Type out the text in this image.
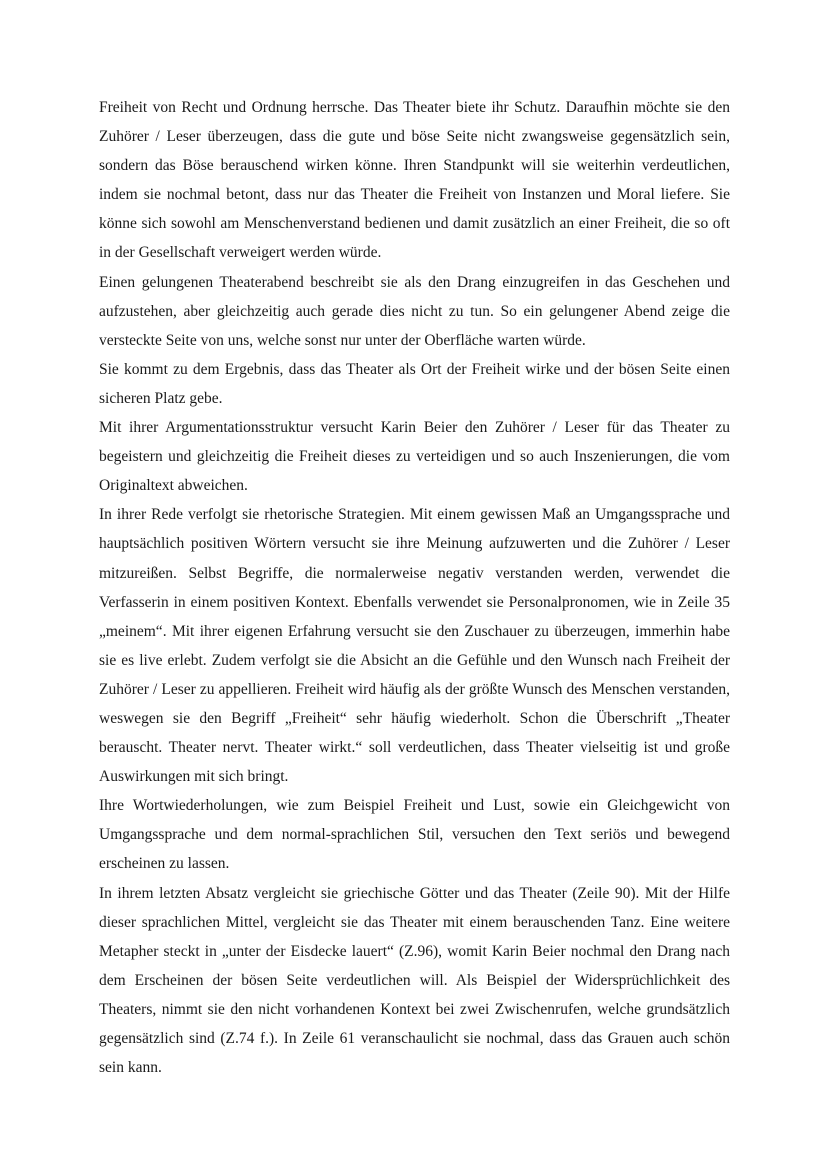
Freiheit von Recht und Ordnung herrsche. Das Theater biete ihr Schutz. Daraufhin möchte sie den Zuhörer / Leser überzeugen, dass die gute und böse Seite nicht zwangsweise gegensätzlich sein, sondern das Böse berauschend wirken könne. Ihren Standpunkt will sie weiterhin verdeutlichen, indem sie nochmal betont, dass nur das Theater die Freiheit von Instanzen und Moral liefere. Sie könne sich sowohl am Menschenverstand bedienen und damit zusätzlich an einer Freiheit, die so oft in der Gesellschaft verweigert werden würde.

Einen gelungenen Theaterabend beschreibt sie als den Drang einzugreifen in das Geschehen und aufzustehen, aber gleichzeitig auch gerade dies nicht zu tun. So ein gelungener Abend zeige die versteckte Seite von uns, welche sonst nur unter der Oberfläche warten würde.

Sie kommt zu dem Ergebnis, dass das Theater als Ort der Freiheit wirke und der bösen Seite einen sicheren Platz gebe.

Mit ihrer Argumentationsstruktur versucht Karin Beier den Zuhörer / Leser für das Theater zu begeistern und gleichzeitig die Freiheit dieses zu verteidigen und so auch Inszenierungen, die vom Originaltext abweichen.

In ihrer Rede verfolgt sie rhetorische Strategien. Mit einem gewissen Maß an Umgangssprache und hauptsächlich positiven Wörtern versucht sie ihre Meinung aufzuwerten und die Zuhörer / Leser mitzureißen. Selbst Begriffe, die normalerweise negativ verstanden werden, verwendet die Verfasserin in einem positiven Kontext. Ebenfalls verwendet sie Personalpronomen, wie in Zeile 35 „meinem“. Mit ihrer eigenen Erfahrung versucht sie den Zuschauer zu überzeugen, immerhin habe sie es live erlebt. Zudem verfolgt sie die Absicht an die Gefühle und den Wunsch nach Freiheit der Zuhörer / Leser zu appellieren. Freiheit wird häufig als der größte Wunsch des Menschen verstanden, weswegen sie den Begriff „Freiheit“ sehr häufig wiederholt. Schon die Überschrift „Theater berauscht. Theater nervt. Theater wirkt.“ soll verdeutlichen, dass Theater vielseitig ist und große Auswirkungen mit sich bringt.

Ihre Wortwiederholungen, wie zum Beispiel Freiheit und Lust, sowie ein Gleichgewicht von Umgangssprache und dem normal-sprachlichen Stil, versuchen den Text seriös und bewegend erscheinen zu lassen.

In ihrem letzten Absatz vergleicht sie griechische Götter und das Theater (Zeile 90). Mit der Hilfe dieser sprachlichen Mittel, vergleicht sie das Theater mit einem berauschenden Tanz. Eine weitere Metapher steckt in „unter der Eisdecke lauert“ (Z.96), womit Karin Beier nochmal den Drang nach dem Erscheinen der bösen Seite verdeutlichen will. Als Beispiel der Widersprüchlichkeit des Theaters, nimmt sie den nicht vorhandenen Kontext bei zwei Zwischenrufen, welche grundsätzlich gegensätzlich sind (Z.74 f.). In Zeile 61 veranschaulicht sie nochmal, dass das Grauen auch schön sein kann.
